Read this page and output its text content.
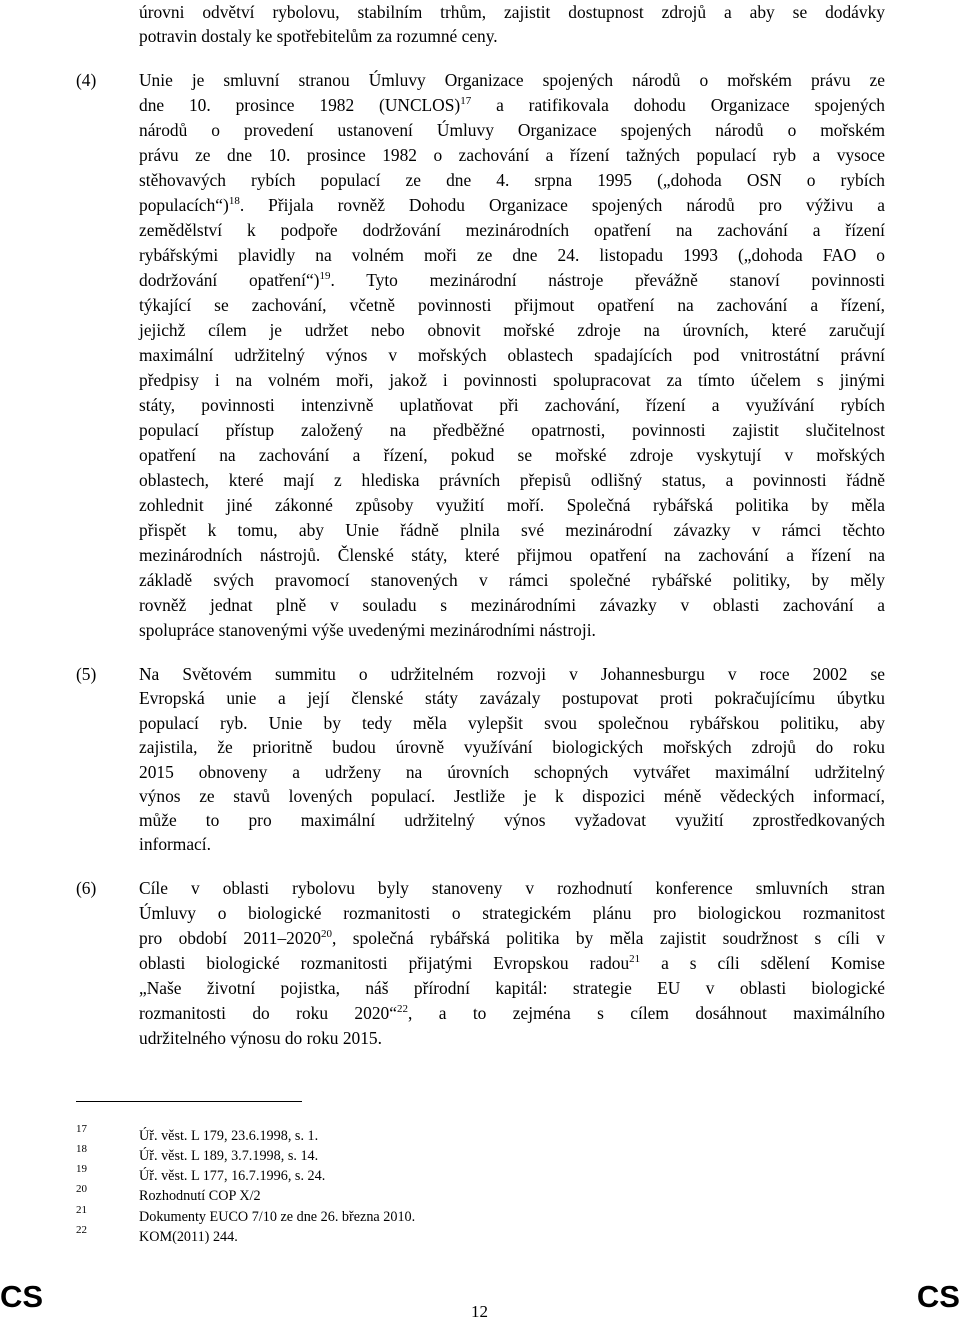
úrovni odvětví rybolovu, stabilním trhům, zajistit dostupnost zdrojů a aby se dodávky
potravin dostaly ke spotřebitelům za rozumné ceny.
(4) Unie je smluvní stranou Úmluvy Organizace spojených národů o mořském právu ze
dne 10. prosince 1982 (UNCLOS)$^{17}$ a ratifikovala dohodu Organizace spojených
národů o provedení ustanovení Úmluvy Organizace spojených národů o mořském
právu ze dne 10. prosince 1982 o zachování a řízení tažných populací ryb a vysoce
stěhovavých rybích populací ze dne 4. srpna 1995 („dohoda OSN o rybích
populacích“)$^{18}$. Přijala rovněž Dohodu Organizace spojených národů pro výživu a
zemědělství k podpoře dodržování mezinárodních opatření na zachování a řízení
rybářskými plavidly na volném moři ze dne 24. listopadu 1993 („dohoda FAO o
dodržování opatření“)$^{19}$. Tyto mezinárodní nástroje převážně stanoví povinnosti
týkající se zachování, včetně povinnosti přijmout opatření na zachování a řízení,
jejichž cílem je udržet nebo obnovit mořské zdroje na úrovních, které zaručují
maximální udržitelný výnos v mořských oblastech spadajících pod vnitrostátní právní
předpisy i na volném moři, jakož i povinnosti spolupracovat za tímto účelem s jinými
státy, povinnosti intenzivně uplatňovat při zachování, řízení a využívání rybích
populací přístup založený na předběžné opatrnosti, povinnosti zajistit slučitelnost
opatření na zachování a řízení, pokud se mořské zdroje vyskytují v mořských
oblastech, které mají z hlediska právních přepisů odlišný status, a povinnosti řádně
zohlednit jiné zákonné způsoby využití moří. Společná rybářská politika by měla
přispět k tomu, aby Unie řádně plnila své mezinárodní závazky v rámci těchto
mezinárodních nástrojů. Členské státy, které přijmou opatření na zachování a řízení na
základě svých pravomocí stanovených v rámci společné rybářské politiky, by měly
rovněž jednat plně v souladu s mezinárodními závazky v oblasti zachování a
spolupráce stanovenými výše uvedenými mezinárodními nástroji.
(5) Na Světovém summitu o udržitelném rozvoji v Johannesburgu v roce 2002 se
Evropská unie a její členské státy zavázaly postupovat proti pokračujícímu úbytku
populací ryb. Unie by tedy měla vylepšit svou společnou rybářskou politiku, aby
zajistila, že prioritně budou úrovně využívání biologických mořských zdrojů do roku
2015 obnoveny a udrženy na úrovních schopných vytvářet maximální udržitelný
výnos ze stavů lovených populací. Jestliže je k dispozici méně vědeckých informací,
může to pro maximální udržitelný výnos vyžadovat využití zprostředkovaných
informací.
(6) Cíle v oblasti rybolovu byly stanoveny v rozhodnutí konference smluvních stran
Úmluvy o biologické rozmanitosti o strategickém plánu pro biologickou rozmanitost
pro období 2011–2020$^{20}$, společná rybářská politika by měla zajistit soudržnost s cíli v
oblasti biologické rozmanitosti přijatými Evropskou radou$^{21}$ a s cíli sdělení Komise
„Naše životní pojistka, náš přírodní kapitál: strategie EU v oblasti biologické
rozmanitosti do roku 2020“$^{22}$, a to zejména s cílem dosáhnout maximálního
udržitelného výnosu do roku 2015.
17	Úř. věst. L 179, 23.6.1998, s. 1.
18	Úř. věst. L 189, 3.7.1998, s. 14.
19	Úř. věst. L 177, 16.7.1996, s. 24.
20	Rozhodnutí COP X/2
21	Dokumenty EUCO 7/10 ze dne 26. března 2010.
22	KOM(2011) 244.
CS	12	CS
